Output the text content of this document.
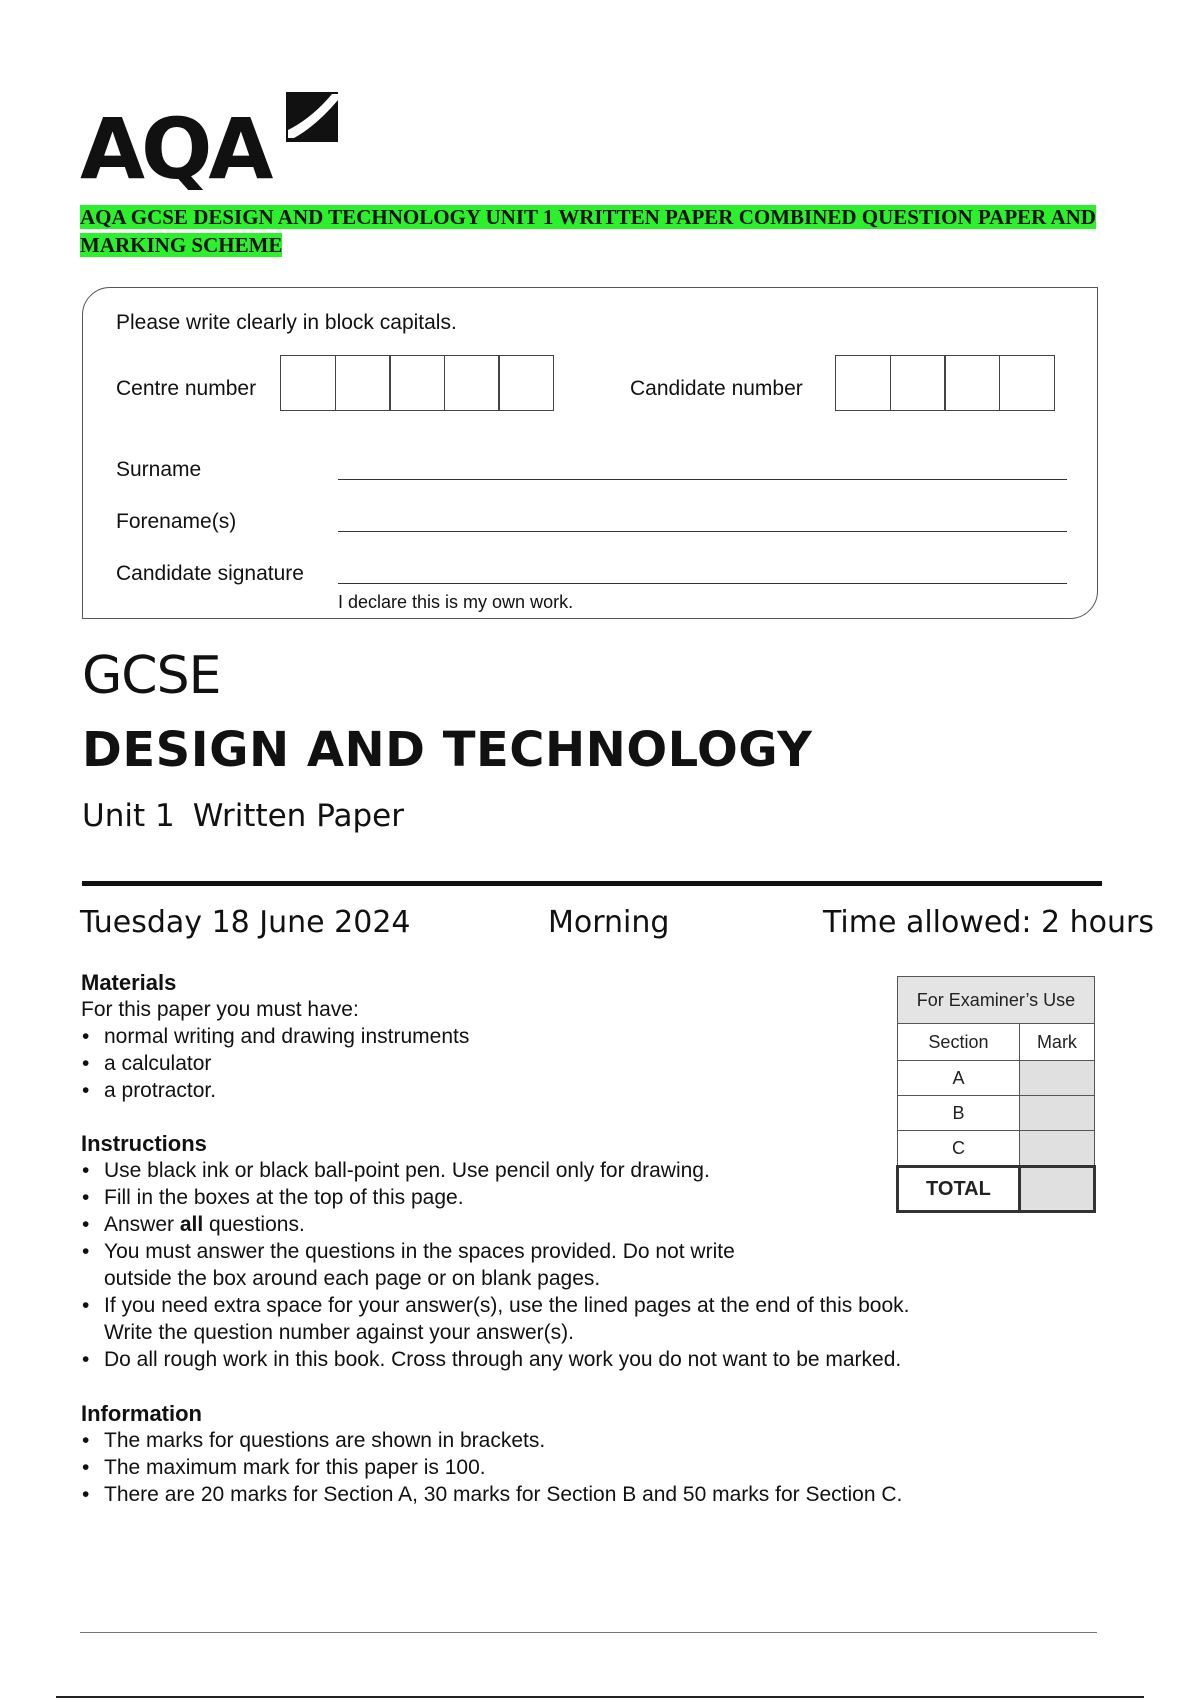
AQA
AQA GCSE DESIGN AND TECHNOLOGY UNIT 1 WRITTEN PAPER COMBINED QUESTION PAPER AND MARKING SCHEME
Please write clearly in block capitals.
Centre number	Candidate number
Surname
Forename(s)
Candidate signature
I declare this is my own work.
GCSE
DESIGN AND TECHNOLOGY
Unit 1 Written Paper
Tuesday 18 June 2024	Morning	Time allowed: 2 hours
Materials
For this paper you must have:
• normal writing and drawing instruments
• a calculator
• a protractor.
Instructions
• Use black ink or black ball-point pen. Use pencil only for drawing.
• Fill in the boxes at the top of this page.
• Answer all questions.
• You must answer the questions in the spaces provided. Do not write
outside the box around each page or on blank pages.
• If you need extra space for your answer(s), use the lined pages at the end of this book.
Write the question number against your answer(s).
• Do all rough work in this book. Cross through any work you do not want to be marked.
Information
• The marks for questions are shown in brackets.
• The maximum mark for this paper is 100.
• There are 20 marks for Section A, 30 marks for Section B and 50 marks for Section C.
For Examiner’s Use	
Section	Mark
A	
B	
C	
TOTAL	
